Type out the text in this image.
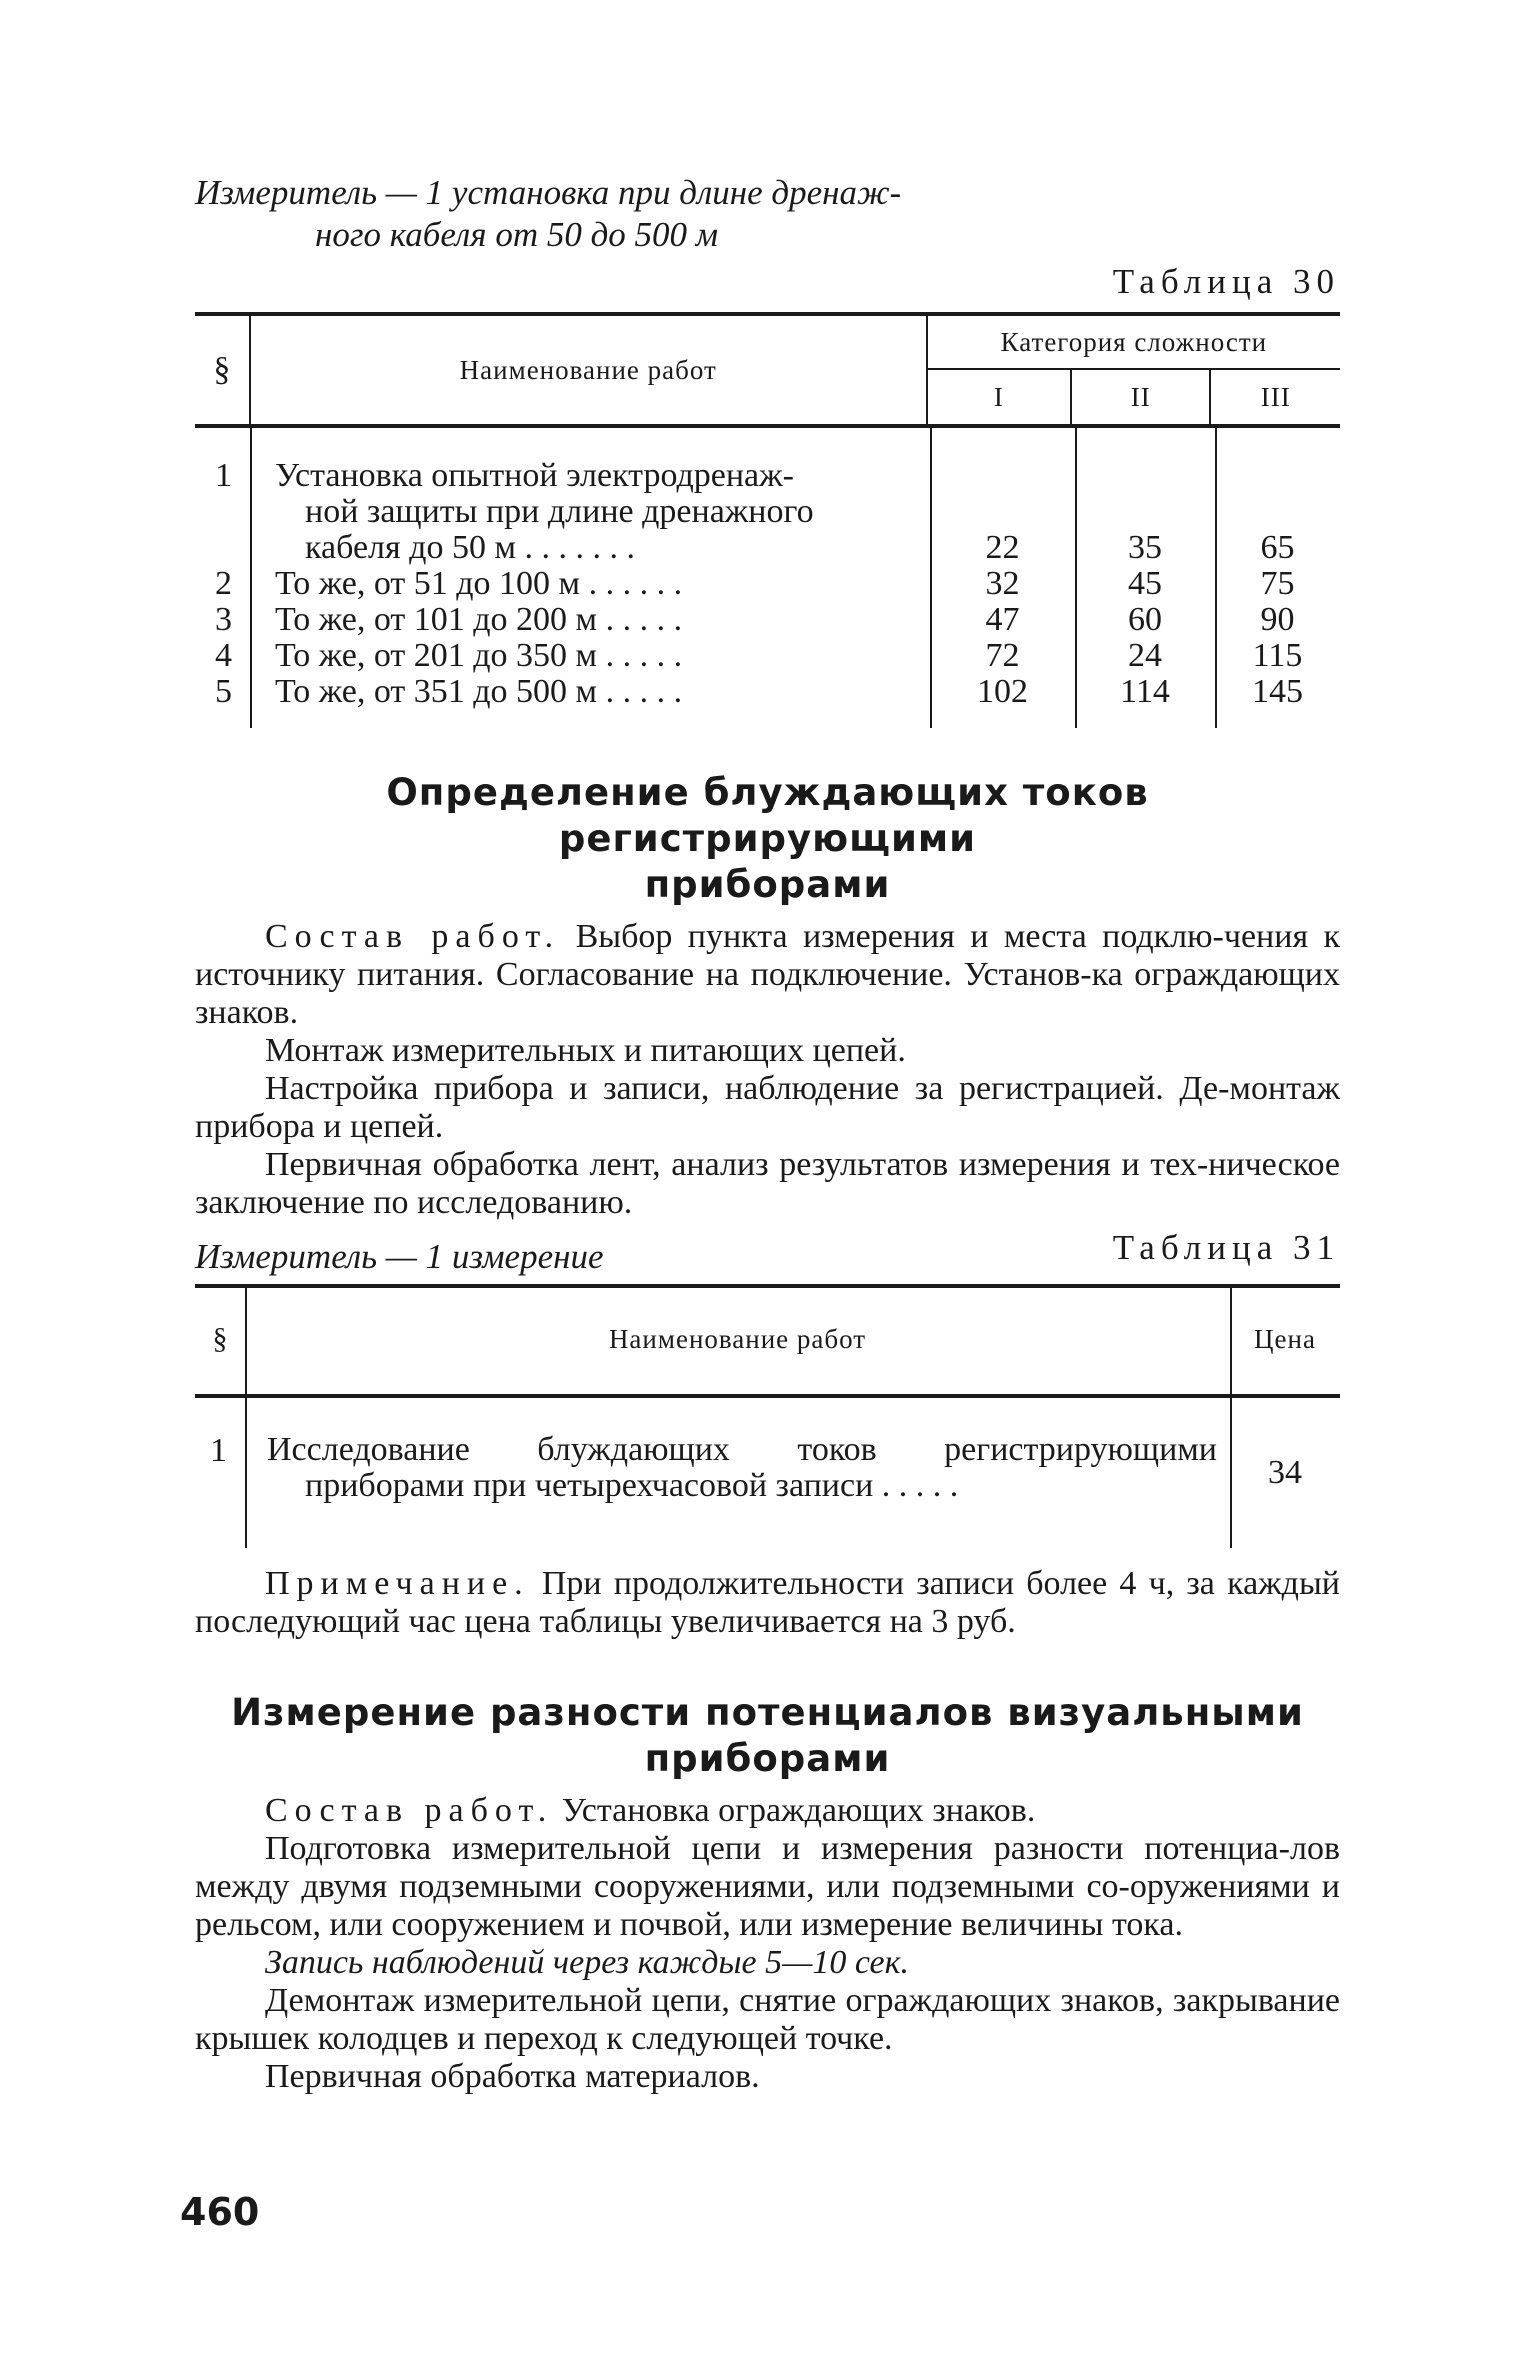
Измеритель — 1 установка при длине дренаж-
ного кабеля от 50 до 500 м
Таблица 30
§	Наименование работ	Категория сложности		
		I	II	III

1 Установка опытной электродренаж-
ной защиты при длине дренажного
кабеля до 50 м . . . . . . .	22	35	65
2 То же, от 51 до 100 м . . . . . .	32	45	75
3 То же, от 101 до 200 м . . . . .	47	60	90
4 То же, от 201 до 350 м . . . . .	72	24	115
5 То же, от 351 до 500 м . . . . .	102	114	145
Определение блуждающих токов регистрирующими
приборами

Состав работ. Выбор пункта измерения и места подклю-чения к источнику питания. Согласование на подключение. Установ-ка ограждающих знаков.

Монтаж измерительных и питающих цепей.

Настройка прибора и записи, наблюдение за регистрацией. Де-монтаж прибора и цепей.

Первичная обработка лент, анализ результатов измерения и тех-ническое заключение по исследованию.

Измеритель — 1 измерение	Таблица 31
§	Наименование работ	Цена
1 Исследование блуждающих токов регистрирующими
приборами при четырехчасовой записи . . . . .	34

Примечание. При продолжительности записи более 4 ч, за каждый последующий час цена таблицы увеличивается на 3 руб.

Измерение разности потенциалов визуальными
приборами

Состав работ. Установка ограждающих знаков.

Подготовка измерительной цепи и измерения разности потенциа-лов между двумя подземными сооружениями, или подземными со-оружениями и рельсом, или сооружением и почвой, или измерение величины тока.

Запись наблюдений через каждые 5—10 сек.

Демонтаж измерительной цепи, снятие ограждающих знаков, закрывание крышек колодцев и переход к следующей точке.

Первичная обработка материалов.

460
